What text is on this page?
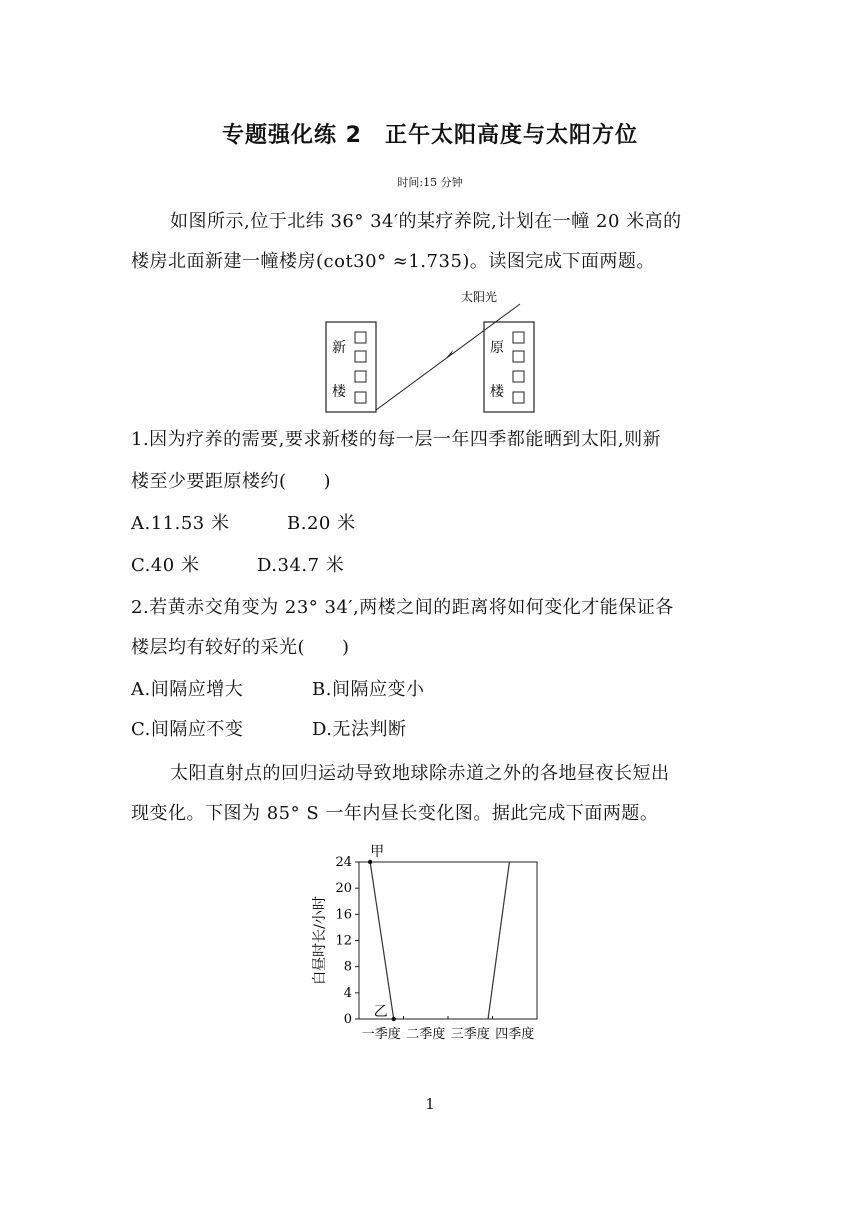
专题强化练 2　正午太阳高度与太阳方位
时间:15 分钟
如图所示,位于北纬 36° 34′的某疗养院,计划在一幢 20 米高的
楼房北面新建一幢楼房(cot30° ≈1.735)。读图完成下面两题。
新
楼
原
楼
太阳光
1.因为疗养的需要,要求新楼的每一层一年四季都能晒到太阳,则新
楼至少要距原楼约(　　)
A.11.53 米	B.20 米
C.40 米	D.34.7 米
2.若黄赤交角变为 23° 34′,两楼之间的距离将如何变化才能保证各
楼层均有较好的采光(　　)
A.间隔应增大	B.间隔应变小
C.间隔应不变	D.无法判断
太阳直射点的回归运动导致地球除赤道之外的各地昼夜长短出
现变化。下图为 85° S 一年内昼长变化图。据此完成下面两题。
0
4
8
12
16
20
24
一季度 二季度 三季度 四季度
甲
乙
白昼时长/小时
1
